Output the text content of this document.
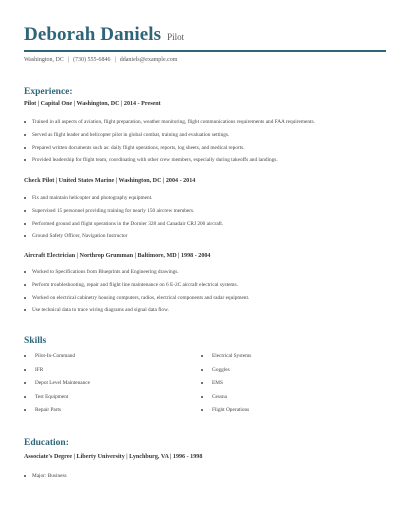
Deborah Daniels Pilot
Washington, DC | (730) 555-6846 | ddaniels@example.com
Experience:
Pilot | Capital One | Washington, DC | 2014 - Present
Trained in all aspects of aviation, flight preparation, weather monitoring, flight communications requirements and FAA requirements.
Served as flight leader and helicopter pilot in global combat, training and evaluation settings.
Prepared written documents such as: daily flight operations, reports, log sheets, and medical reports.
Provided leadership for flight team, coordinating with other crew members, especially during takeoffs and landings.
Check Pilot | United States Marine | Washington, DC | 2004 - 2014
Fix and maintain helicopter and photography equipment.
Supervised 15 personnel providing training for nearly 150 aircrew members.
Performed ground and flight operations in the Dornier 328 and Canadair CRJ 200 aircraft.
Ground Safety Officer, Navigation Instructor
Aircraft Electrician | Northrop Grumman | Baltimore, MD | 1998 - 2004
Worked to Specifications from Blueprints and Engineering drawings.
Perform troubleshooting, repair and flight line maintenance on 6 E-2C aircraft electrical systems.
Worked on electrical cabinetry housing computers, radios, electrical components and radar equipment.
Use technical data to trace wiring diagrams and signal data flow.
Skills
Pilot-In-Command
IFR
Depot Level Maintenance
Test Equipment
Repair Parts
Electrical Systems
Goggles
EMS
Cessna
Flight Operations
Education:
Associate's Degree | Liberty University | Lynchburg, VA | 1996 - 1998
Major: Business
